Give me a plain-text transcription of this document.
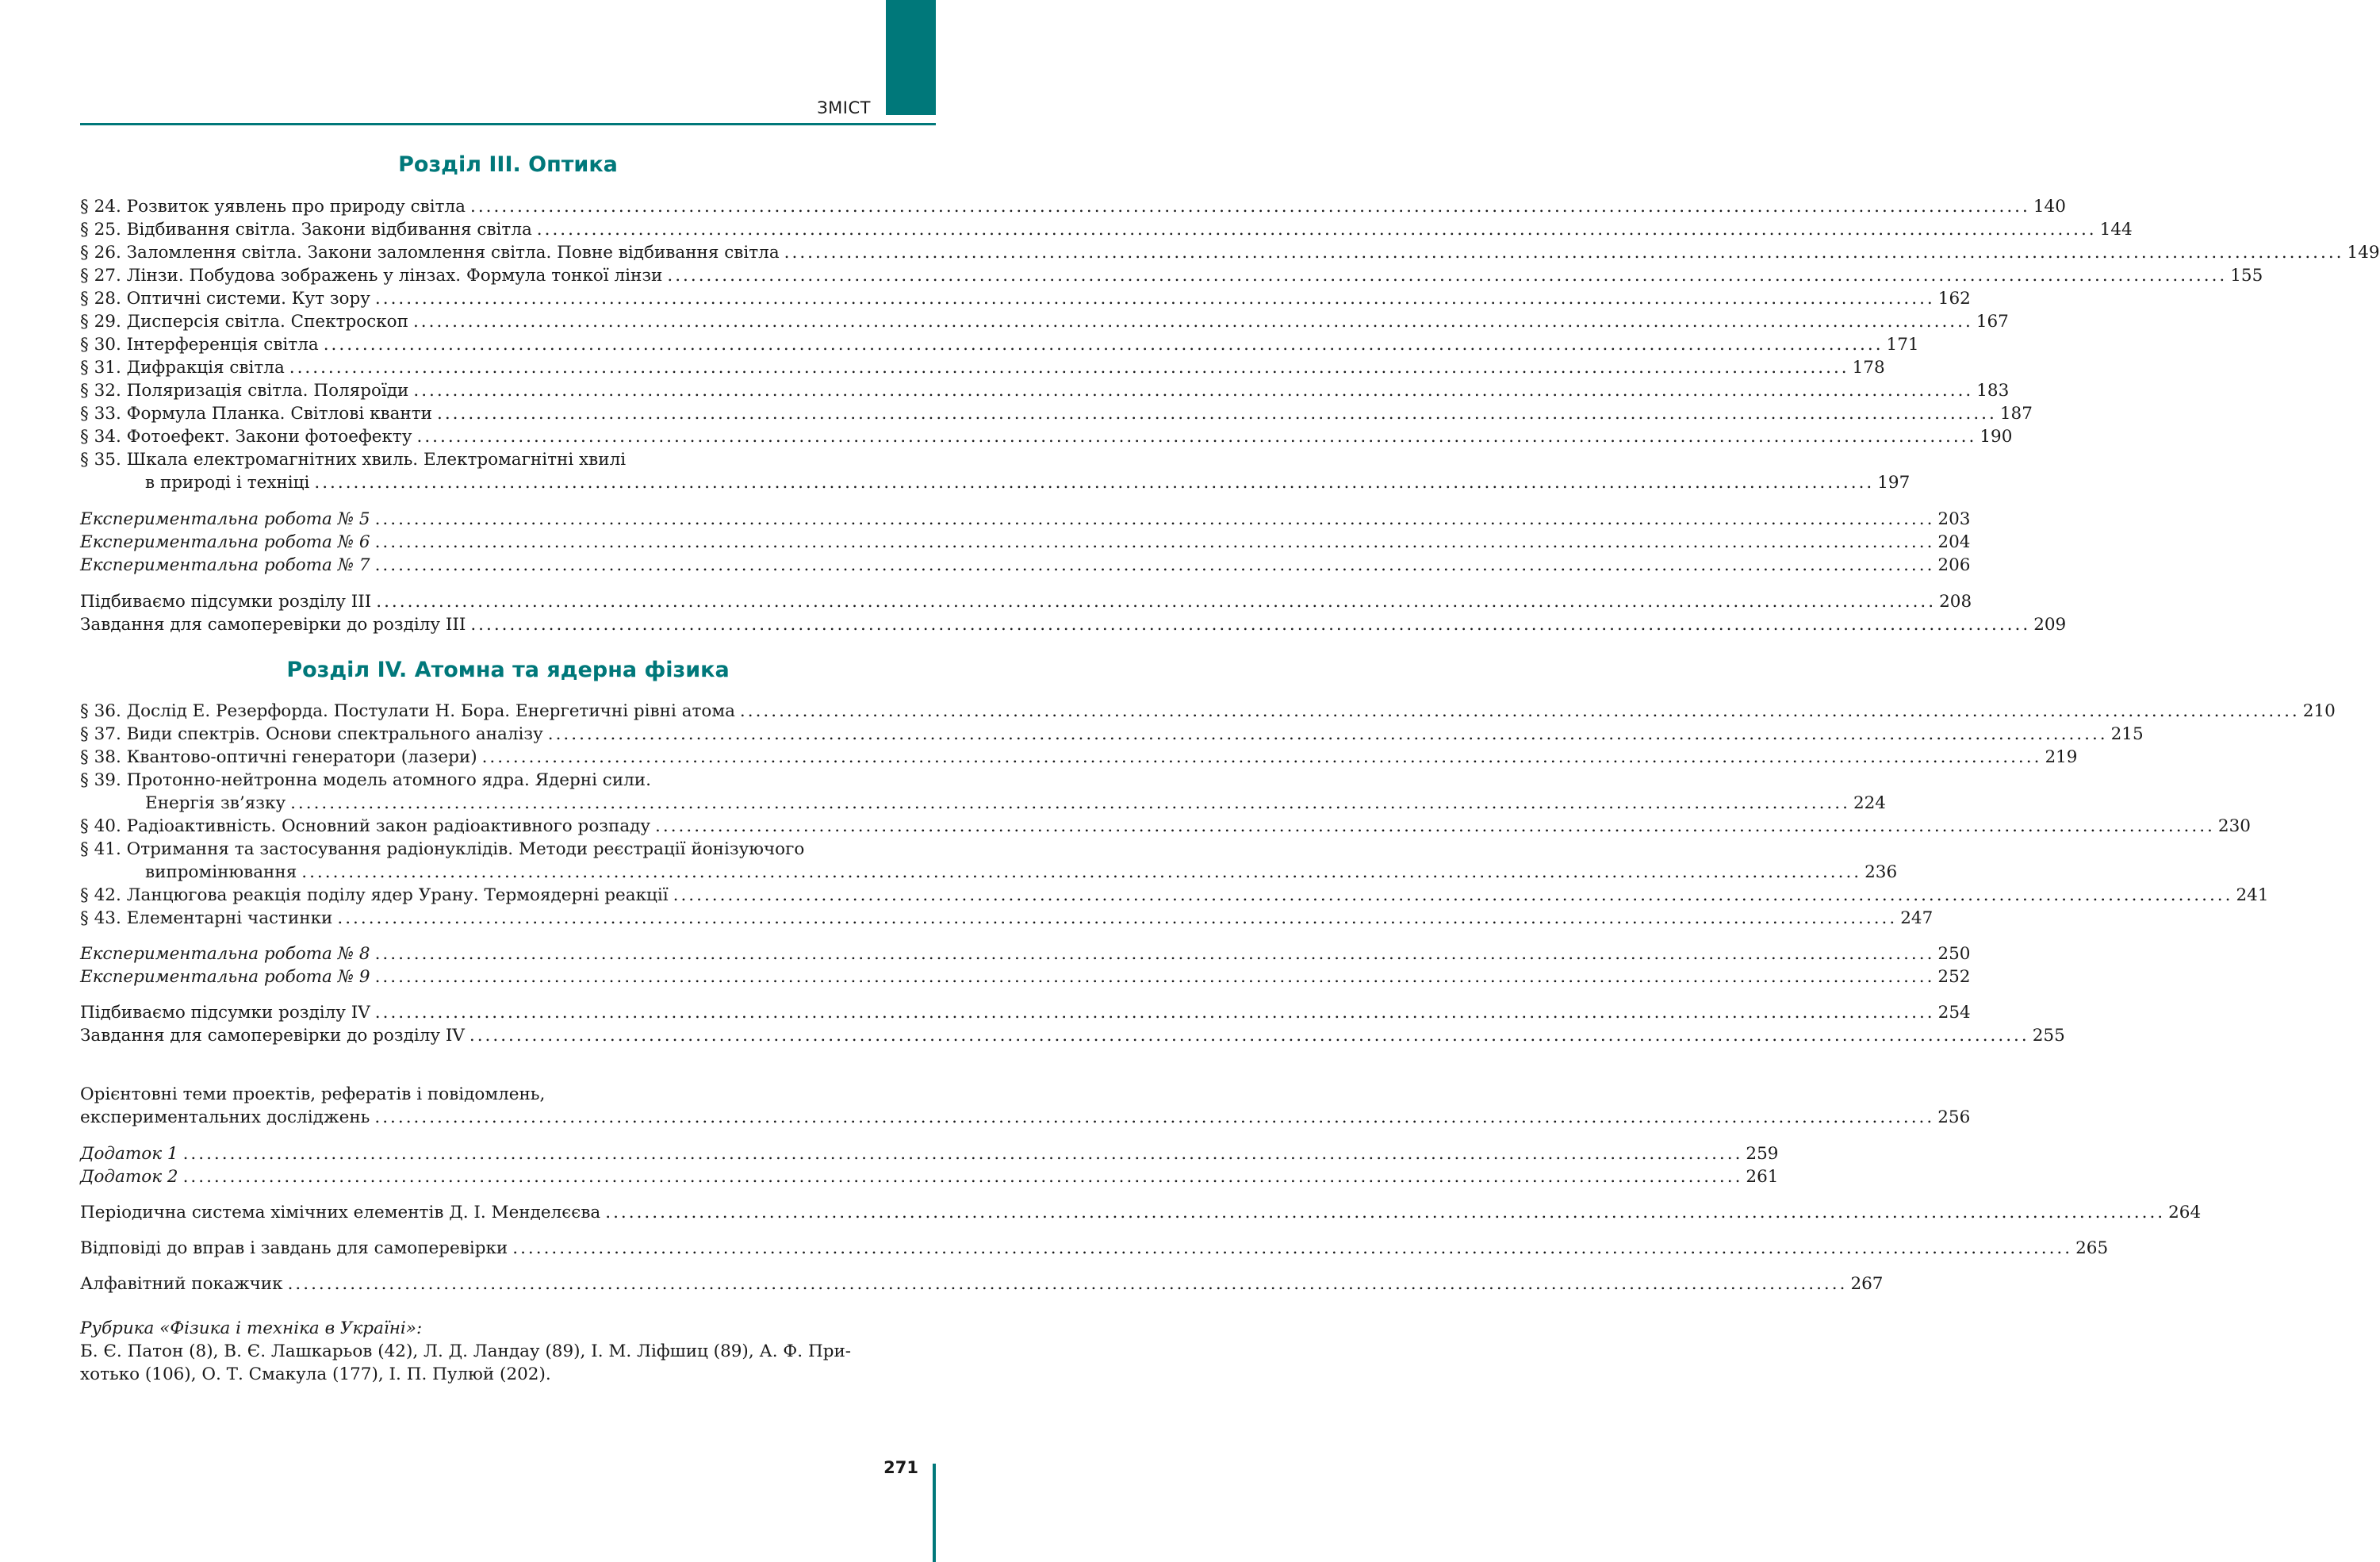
ЗМІСТ
Розділ III. Оптика
§ 24. Розвиток уявлень про природу світла ........................................................................................................................................................................................................ 140
§ 25. Відбивання світла. Закони відбивання світла ........................................................................................................................................................................................................ 144
§ 26. Заломлення світла. Закони заломлення світла. Повне відбивання світла ........................................................................................................................................................................................................ 149
§ 27. Лінзи. Побудова зображень у лінзах. Формула тонкої лінзи ........................................................................................................................................................................................................ 155
§ 28. Оптичні системи. Кут зору ........................................................................................................................................................................................................ 162
§ 29. Дисперсія світла. Спектроскоп ........................................................................................................................................................................................................ 167
§ 30. Інтерференція світла ........................................................................................................................................................................................................ 171
§ 31. Дифракція світла ........................................................................................................................................................................................................ 178
§ 32. Поляризація світла. Поляроїди ........................................................................................................................................................................................................ 183
§ 33. Формула Планка. Світлові кванти ........................................................................................................................................................................................................ 187
§ 34. Фотоефект. Закони фотоефекту ........................................................................................................................................................................................................ 190
§ 35. Шкала електромагнітних хвиль. Електромагнітні хвилі
в природі і техніці ........................................................................................................................................................................................................ 197
Експериментальна робота № 5 ........................................................................................................................................................................................................ 203
Експериментальна робота № 6 ........................................................................................................................................................................................................ 204
Експериментальна робота № 7 ........................................................................................................................................................................................................ 206
Підбиваємо підсумки розділу III ........................................................................................................................................................................................................ 208
Завдання для самоперевірки до розділу III ........................................................................................................................................................................................................ 209
Розділ IV. Атомна та ядерна фізика
§ 36. Дослід Е. Резерфорда. Постулати Н. Бора. Енергетичні рівні атома ........................................................................................................................................................................................................ 210
§ 37. Види спектрів. Основи спектрального аналізу ........................................................................................................................................................................................................ 215
§ 38. Квантово-оптичні генератори (лазери) ........................................................................................................................................................................................................ 219
§ 39. Протонно-нейтронна модель атомного ядра. Ядерні сили.
Енергія зв’язку ........................................................................................................................................................................................................ 224
§ 40. Радіоактивність. Основний закон радіоактивного розпаду ........................................................................................................................................................................................................ 230
§ 41. Отримання та застосування радіонуклідів. Методи реєстрації йонізуючого
випромінювання ........................................................................................................................................................................................................ 236
§ 42. Ланцюгова реакція поділу ядер Урану. Термоядерні реакції ........................................................................................................................................................................................................ 241
§ 43. Елементарні частинки ........................................................................................................................................................................................................ 247
Експериментальна робота № 8 ........................................................................................................................................................................................................ 250
Експериментальна робота № 9 ........................................................................................................................................................................................................ 252
Підбиваємо підсумки розділу IV ........................................................................................................................................................................................................ 254
Завдання для самоперевірки до розділу IV ........................................................................................................................................................................................................ 255
Орієнтовні теми проектів, рефератів і повідомлень,
експериментальних досліджень ........................................................................................................................................................................................................ 256
Додаток 1 ........................................................................................................................................................................................................ 259
Додаток 2 ........................................................................................................................................................................................................ 261
Періодична система хімічних елементів Д. І. Менделєєва ........................................................................................................................................................................................................ 264
Відповіді до вправ і завдань для самоперевірки ........................................................................................................................................................................................................ 265
Алфавітний покажчик ........................................................................................................................................................................................................ 267
Рубрика «Фізика і техніка в Україні»:
Б. Є. Патон (8), В. Є. Лашкарьов (42), Л. Д. Ландау (89), І. М. Ліфшиц (89), А. Ф. При-
хотько (106), О. Т. Смакула (177), І. П. Пулюй (202).
271
